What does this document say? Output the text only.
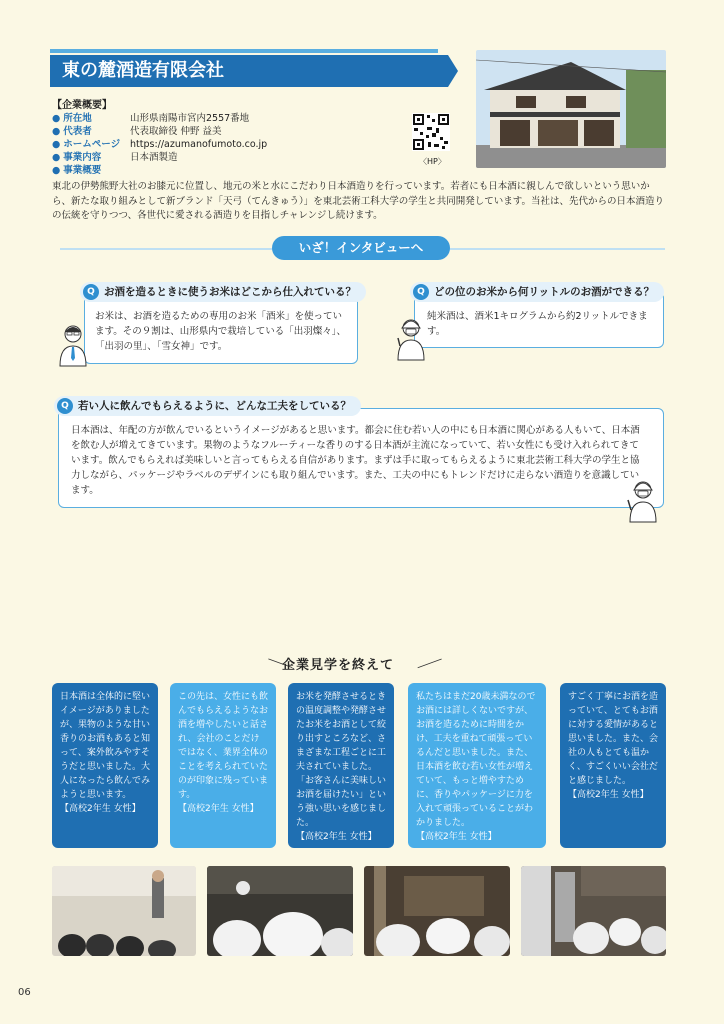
東の麓酒造有限会社
【企業概要】
● 所在地	山形県南陽市宮内2557番地
● 代表者	代表取締役 仲野 益美
● ホームページ https://azumanofumoto.co.jp
● 事業内容	日本酒製造
● 事業概要
〈HP〉
東北の伊勢熊野大社のお膝元に位置し、地元の米と水にこだわり日本酒造りを行っています。若者にも日本酒に親しんで欲しいという思いから、新たな取り組みとして新ブランド「天弓（てんきゅう）」を東北芸術工科大学の学生と共同開発しています。当社は、先代からの日本酒造りの伝統を守りつつ、各世代に愛される酒造りを目指しチャレンジし続けます。
いざ！インタビューへ
お米は、お酒を造るための専用のお米「酒米」を使っています。その９割は、山形県内で栽培している「出羽燦々」、「出羽の里」、「雪女神」です。
Q お酒を造るときに使うお米はどこから仕入れている？
純米酒は、酒米1キログラムから約2リットルできます。
Q どの位のお米から何リットルのお酒ができる？
日本酒は、年配の方が飲んでいるというイメージがあると思います。都会に住む若い人の中にも日本酒に関心がある人もいて、日本酒を飲む人が増えてきています。果物のようなフルーティーな香りのする日本酒が主流になっていて、若い女性にも受け入れられてきています。飲んでもらえれば美味しいと言ってもらえる自信があります。まずは手に取ってもらえるように東北芸術工科大学の学生と協力しながら、パッケージやラベルのデザインにも取り組んでいます。また、工夫の中にもトレンドだけに走らない酒造りを意識しています。
Q 若い人に飲んでもらえるように、どんな工夫をしている？
＼
企業見学を終えて ／
日本酒は全体的に堅いイメージがありましたが、果物のような甘い香りのお酒もあると知って、案外飲みやすそうだと思いました。大人になったら飲んでみようと思います。
【高校2年生 女性】
この先は、女性にも飲んでもらえるようなお酒を増やしたいと話され、会社のことだけではなく、業界全体のことを考えられていたのが印象に残っています。
【高校2年生 女性】
お米を発酵させるときの温度調整や発酵させたお米をお酒として絞り出すところなど、さまざまな工程ごとに工夫されていました。「お客さんに美味しいお酒を届けたい」という強い思いを感じました。
【高校2年生 女性】
私たちはまだ20歳未満なのでお酒には詳しくないですが、お酒を造るために時間をかけ、工夫を重ねて頑張っているんだと思いました。また、日本酒を飲む若い女性が増えていて、もっと増やすために、香りやパッケージに力を入れて頑張っていることがわかりました。
【高校2年生 女性】
すごく丁寧にお酒を造っていて、とてもお酒に対する愛情があると思いました。また、会社の人もとても温かく、すごくいい会社だと感じました。
【高校2年生 女性】
06
